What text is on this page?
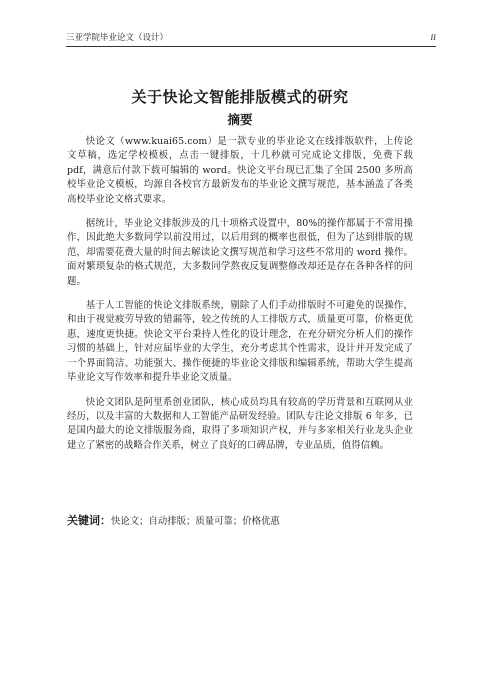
三亚学院毕业论文（设计）	ii
关于快论文智能排版模式的研究
摘要

快论文（www.kuai65.com）是一款专业的毕业论文在线排版软件，上传论文草稿，选定学校模板，点击一键排版，十几秒就可完成论文排版，免费下载 pdf，满意后付款下载可编辑的 word。快论文平台现已汇集了全国 2500 多所高校毕业论文模板，均源自各校官方最新发布的毕业论文撰写规范，基本涵盖了各类高校毕业论文格式要求。

据统计，毕业论文排版涉及的几十项格式设置中，80%的操作都属于不常用操作，因此绝大多数同学以前没用过，以后用到的概率也很低，但为了达到排版的规范，却需要花费大量的时间去解读论文撰写规范和学习这些不常用的 word 操作。面对繁琐复杂的格式规范，大多数同学熬夜反复调整修改却还是存在各种各样的问题。

基于人工智能的快论文排版系统，剔除了人们手动排版时不可避免的误操作，和由于视觉疲劳导致的错漏等，较之传统的人工排版方式，质量更可靠，价格更优惠，速度更快捷。快论文平台秉持人性化的设计理念，在充分研究分析人们的操作习惯的基础上，针对应届毕业的大学生，充分考虑其个性需求，设计并开发完成了一个界面简洁、功能强大、操作便捷的毕业论文排版和编辑系统，帮助大学生提高毕业论文写作效率和提升毕业论文质量。

快论文团队是阿里系创业团队，核心成员均具有较高的学历背景和互联网从业经历，以及丰富的大数据和人工智能产品研发经验。团队专注论文排版 6 年多，已是国内最大的论文排版服务商，取得了多项知识产权，并与多家相关行业龙头企业建立了紧密的战略合作关系，树立了良好的口碑品牌，专业品质，值得信赖。

关键词：快论文；自动排版；质量可靠；价格优惠
